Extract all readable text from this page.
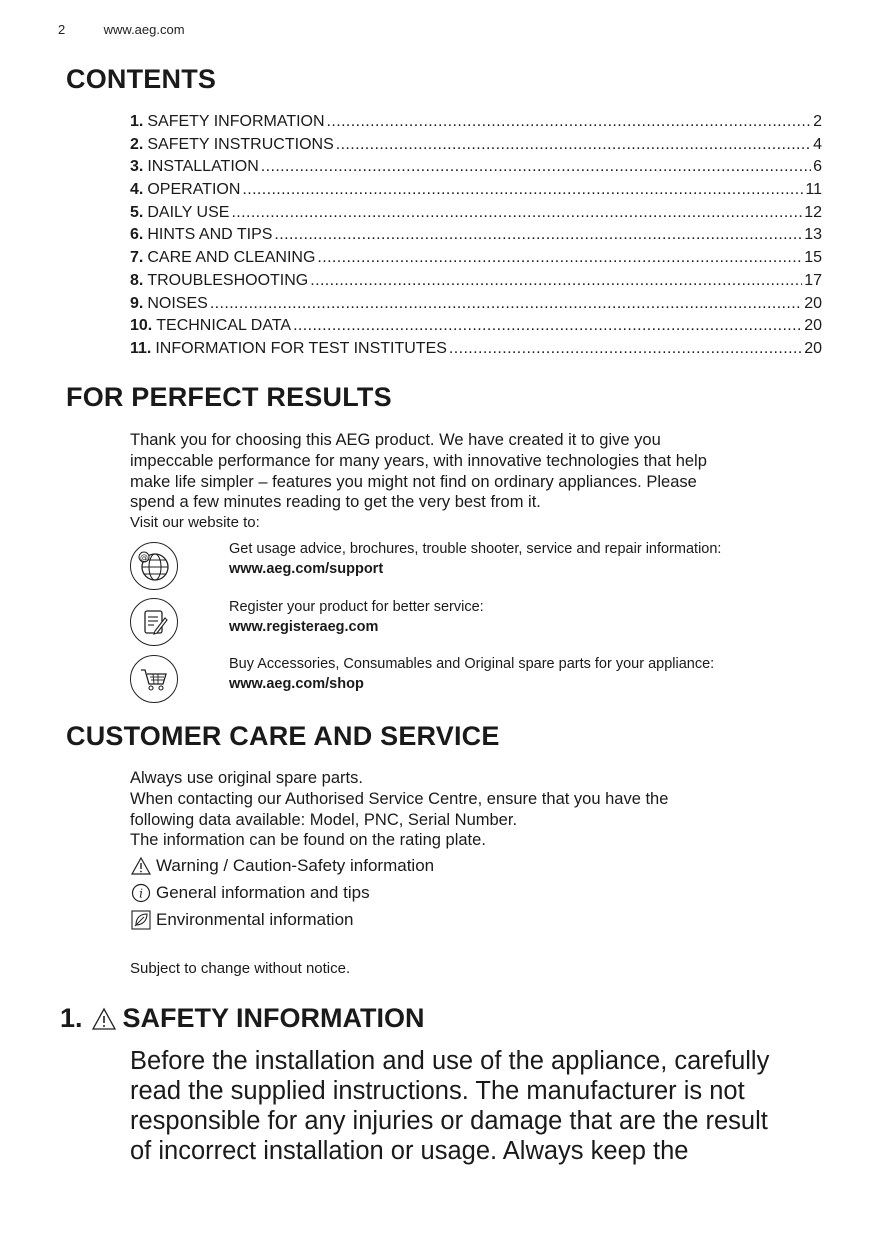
2	www.aeg.com
CONTENTS
1. SAFETY INFORMATION .....	2
2. SAFETY INSTRUCTIONS .....	4
3. INSTALLATION .....	6
4. OPERATION .....	11
5. DAILY USE .....	12
6. HINTS AND TIPS .....	13
7. CARE AND CLEANING .....	15
8. TROUBLESHOOTING .....	17
9. NOISES .....	20
10. TECHNICAL DATA .....	20
11. INFORMATION FOR TEST INSTITUTES .....	20
FOR PERFECT RESULTS
Thank you for choosing this AEG product. We have created it to give you
impeccable performance for many years, with innovative technologies that help
make life simpler – features you might not find on ordinary appliances. Please
spend a few minutes reading to get the very best from it.
Visit our website to:
@
Get usage advice, brochures, trouble shooter, service and repair information:
www.aeg.com/support
Register your product for better service:
www.registeraeg.com
Buy Accessories, Consumables and Original spare parts for your appliance:
www.aeg.com/shop
CUSTOMER CARE AND SERVICE
Always use original spare parts.
When contacting our Authorised Service Centre, ensure that you have the
following data available: Model, PNC, Serial Number.
The information can be found on the rating plate.
Warning / Caution-Safety information
i General information and tips
Environmental information
Subject to change without notice.
1. SAFETY INFORMATION
Before the installation and use of the appliance, carefully
read the supplied instructions. The manufacturer is not
responsible for any injuries or damage that are the result
of incorrect installation or usage. Always keep the
